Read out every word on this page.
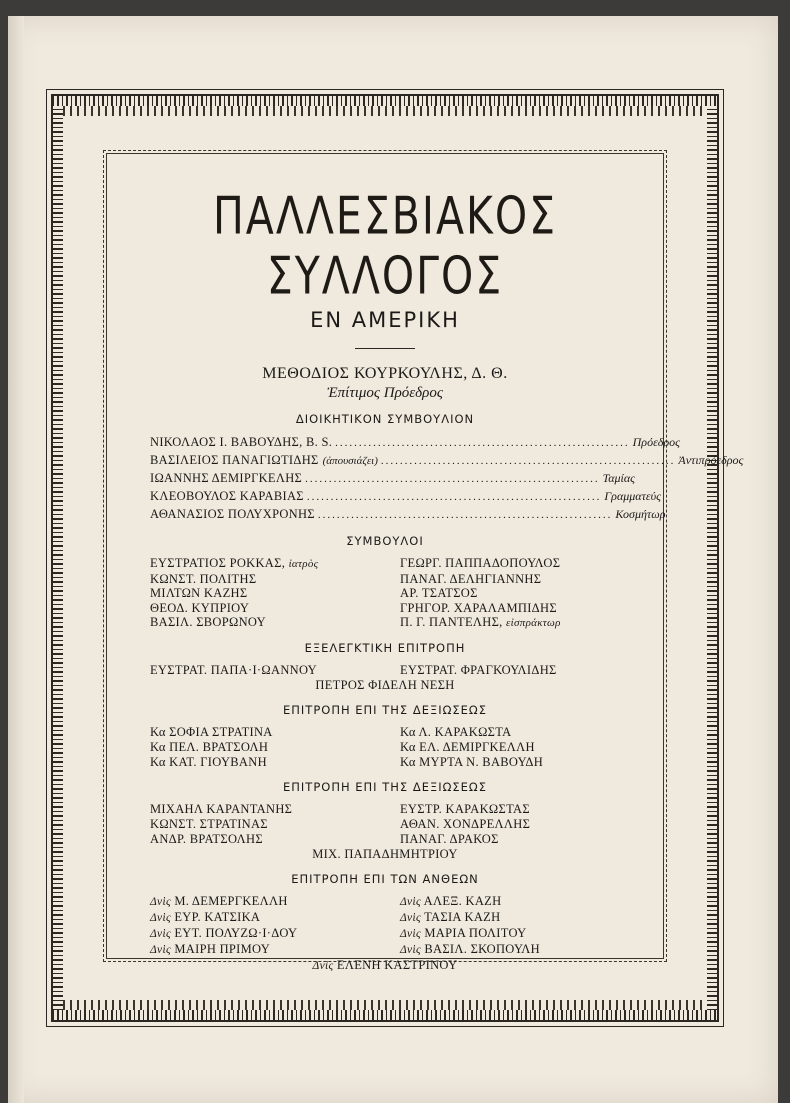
ΠΑΛΛΕΣΒΙΑΚΟΣ ΣΥΛΛΟΓΟΣ
ΕΝ ΑΜΕΡΙΚΗ
ΜΕΘΟΔΙΟΣ ΚΟΥΡΚΟΥΛΗΣ, Δ. Θ.
Ἐπίτιμος Πρόεδρος
ΔΙΟΙΚΗΤΙΚΟΝ ΣΥΜΒΟΥΛΙΟΝ
ΝΙΚΟΛΑΟΣ Ι. ΒΑΒΟΥΔΗΣ, B. S. .............................................................. Πρόεδρος
ΒΑΣΙΛΕΙΟΣ ΠΑΝΑΓΙΩΤΙΔΗΣ (ἀπουσιάζει) .............................................................. Ἀντιπρόεδρος
ΙΩΑΝΝΗΣ ΔΕΜΙΡΓΚΕΛΗΣ .............................................................. Ταμίας
ΚΛΕΟΒΟΥΛΟΣ ΚΑΡΑΒΙΑΣ .............................................................. Γραμματεύς
ΑΘΑΝΑΣΙΟΣ ΠΟΛΥΧΡΟΝΗΣ .............................................................. Κοσμήτωρ
ΣΥΜΒΟΥΛΟΙ
ΕΥΣΤΡΑΤΙΟΣ ΡΟΚΚΑΣ, ἰατρὸς	ΓΕΩΡΓ. ΠΑΠΠΑΔΟΠΟΥΛΟΣ
ΚΩΝΣΤ. ΠΟΛΙΤΗΣ	ΠΑΝΑΓ. ΔΕΛΗΓΙΑΝΝΗΣ
ΜΙΛΤΩΝ ΚΑΖΗΣ	ΑΡ. ΤΣΑΤΣΟΣ
ΘΕΟΔ. ΚΥΠΡΙΟΥ	ΓΡΗΓΟΡ. ΧΑΡΑΛΑΜΠΙΔΗΣ
ΒΑΣΙΛ. ΣΒΟΡΩΝΟΥ	Π. Γ. ΠΑΝΤΕΛΗΣ, εἰσπράκτωρ
ΕΞΕΛΕΓΚΤΙΚΗ ΕΠΙΤΡΟΠΗ
ΕΥΣΤΡΑΤ. ΠΑΠΑ·Ι·ΩΑΝΝΟΥ	ΕΥΣΤΡΑΤ. ΦΡΑΓΚΟΥΛΙΔΗΣ
ΠΕΤΡΟΣ ΦΙΔΕΛΗ ΝΕΣΗ
ΕΠΙΤΡΟΠΗ ΕΠΙ ΤΗΣ ΔΕΞΙΩΣΕΩΣ
Κα ΣΟΦΙΑ ΣΤΡΑΤΙΝΑ	Κα Λ. ΚΑΡΑΚΩΣΤΑ
Κα ΠΕΛ. ΒΡΑΤΣΟΛΗ	Κα ΕΛ. ΔΕΜΙΡΓΚΕΛΛΗ
Κα ΚΑΤ. ΓΙΟΥΒΑΝΗ	Κα ΜΥΡΤΑ Ν. ΒΑΒΟΥΔΗ
ΕΠΙΤΡΟΠΗ ΕΠΙ ΤΗΣ ΔΕΞΙΩΣΕΩΣ
ΜΙΧΑΗΛ ΚΑΡΑΝΤΑΝΗΣ	ΕΥΣΤΡ. ΚΑΡΑΚΩΣΤΑΣ
ΚΩΝΣΤ. ΣΤΡΑΤΙΝΑΣ	ΑΘΑΝ. ΧΟΝΔΡΕΛΛΗΣ
ΑΝΔΡ. ΒΡΑΤΣΟΛΗΣ	ΠΑΝΑΓ. ΔΡΑΚΟΣ
ΜΙΧ. ΠΑΠΑΔΗΜΗΤΡΙΟΥ
ΕΠΙΤΡΟΠΗ ΕΠΙ ΤΩΝ ΑΝΘΕΩΝ
Δνὶς Μ. ΔΕΜΕΡΓΚΕΛΛΗ	Δνὶς ΑΛΕΞ. ΚΑΖΗ
Δνὶς ΕΥΡ. ΚΑΤΣΙΚΑ	Δνὶς ΤΑΣΙΑ ΚΑΖΗ
Δνὶς ΕΥΤ. ΠΟΛΥΖΩ·Ι·ΔΟΥ	Δνὶς ΜΑΡΙΑ ΠΟΛΙΤΟΥ
Δνὶς ΜΑΙΡΗ ΠΡΙΜΟΥ	Δνὶς ΒΑΣΙΛ. ΣΚΟΠΟΥΛΗ
Δνὶς ΕΛΕΝΗ ΚΑΣΤΡΙΝΟΥ
